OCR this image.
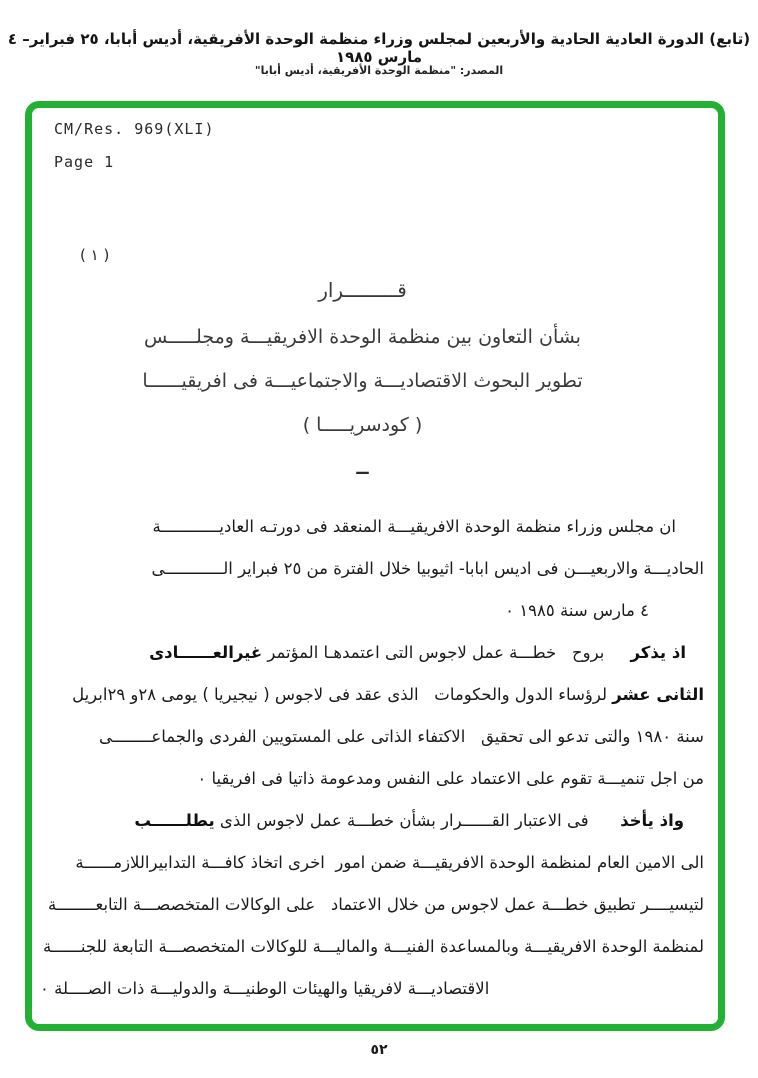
(تابع) الدورة العادية الحادية والأربعين لمجلس وزراء منظمة الوحدة الأفريقية، أديس أبابا، ٢٥ فبراير– ٤ مارس ١٩٨٥
المصدر: "منظمة الوحدة الأفريقية، أديس أبابا"
CM/Res. 969(XLI)
Page 1
( ١ )
قـــــــــرار
بشأن التعاون بين منظمة الوحدة الافريقيـــة ومجلـــــس
تطوير البحوث الاقتصاديـــة والاجتماعيـــة فى افريقيــــــا
( كودسريـــــا )
ــ
ان مجلس وزراء منظمة الوحدة الافريقيـــة المنعقد فى دورتـه العاديــــــــــــة
الحاديـــة والاربعيـــن فى اديس ابابا- اثيوبيا خلال الفترة من ٢٥ فبراير الــــــــــــى
٤ مارس سنة ١٩٨٥ ٠
اذ يذكر     بروح   خطـــة عمل لاجوس التى اعتمدهـا المؤتمر غيرالعــــــادى
الثانى عشر لرؤساء الدول والحكومات   الذى عقد فى لاجوس ( نيجيريا ) يومى ٢٨و ٢٩ابريل
سنة ١٩٨٠ والتى تدعو الى تحقيق   الاكتفاء الذاتى على المستويين الفردى والجماعــــــــى
من اجل تنميـــة تقوم على الاعتماد على النفس ومدعومة ذاتيا فى افريقيا ٠
واذ يأخذ      فى الاعتبار القــــــرار بشأن خطـــة عمل لاجوس الذى يطلــــــب
الى الامين العام لمنظمة الوحدة الافريقيـــة ضمن امور  اخرى اتخاذ كافـــة التدابيراللازمــــــة
لتيسيــــر تطبيق خطـــة عمل لاجوس من خلال الاعتماد   على الوكالات المتخصصـــة التابعــــــــة
لمنظمة الوحدة الافريقيـــة وبالمساعدة الفنيـــة والماليـــة للوكالات المتخصصـــة التابعة للجنــــــة
الاقتصاديـــة لافريقيا والهيئات الوطنيـــة والدوليـــة ذات الصــــلة ٠
٥٢
